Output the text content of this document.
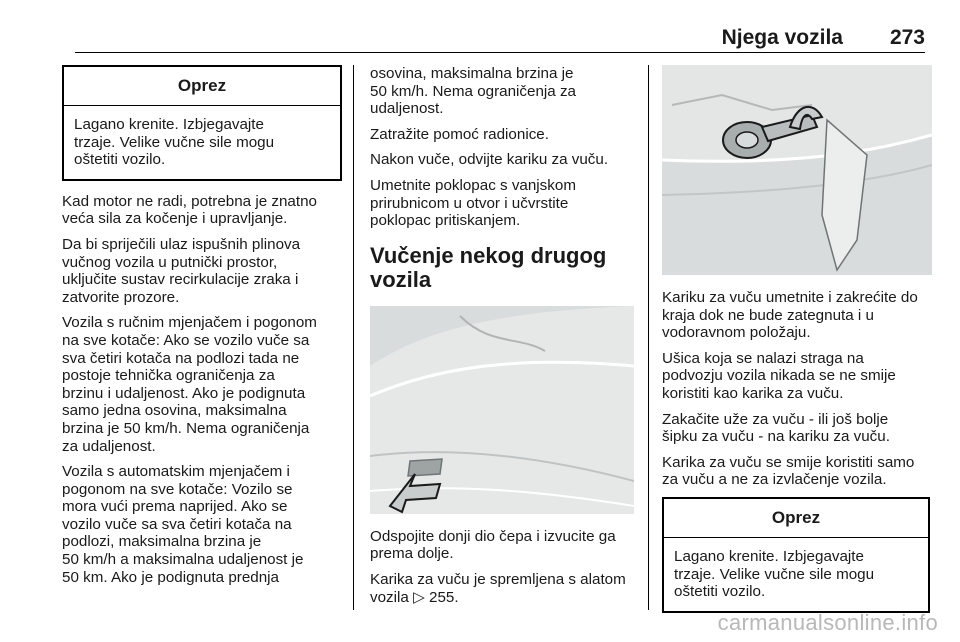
Njega vozila 273
Oprez
Lagano krenite. Izbjegavajte
trzaje. Velike vučne sile mogu
oštetiti vozilo.

Kad motor ne radi, potrebna je znatno
veća sila za kočenje i upravljanje.

Da bi spriječili ulaz ispušnih plinova
vučnog vozila u putnički prostor,
uključite sustav recirkulacije zraka i
zatvorite prozore.

Vozila s ručnim mjenjačem i pogonom
na sve kotače: Ako se vozilo vuče sa
sva četiri kotača na podlozi tada ne
postoje tehnička ograničenja za
brzinu i udaljenost. Ako je podignuta
samo jedna osovina, maksimalna
brzina je 50 km/h. Nema ograničenja
za udaljenost.

Vozila s automatskim mjenjačem i
pogonom na sve kotače: Vozilo se
mora vući prema naprijed. Ako se
vozilo vuče sa sva četiri kotača na
podlozi, maksimalna brzina je
50 km/h a maksimalna udaljenost je
50 km. Ako je podignuta prednja

osovina, maksimalna brzina je
50 km/h. Nema ograničenja za
udaljenost.

Zatražite pomoć radionice.

Nakon vuče, odvijte kariku za vuču.

Umetnite poklopac s vanjskom
prirubnicom u otvor i učvrstite
poklopac pritiskanjem.

Vučenje nekog drugog
vozila

Odspojite donji dio čepa i izvucite ga
prema dolje.

Karika za vuču je spremljena s alatom
vozila ▷ 255.

Kariku za vuču umetnite i zakrećite do
kraja dok ne bude zategnuta i u
vodoravnom položaju.

Ušica koja se nalazi straga na
podvozju vozila nikada se ne smije
koristiti kao karika za vuču.

Zakačite uže za vuču - ili još bolje
šipku za vuču - na kariku za vuču.

Karika za vuču se smije koristiti samo
za vuču a ne za izvlačenje vozila.

Oprez
Lagano krenite. Izbjegavajte
trzaje. Velike vučne sile mogu
oštetiti vozilo.
carmanualsonline.info
